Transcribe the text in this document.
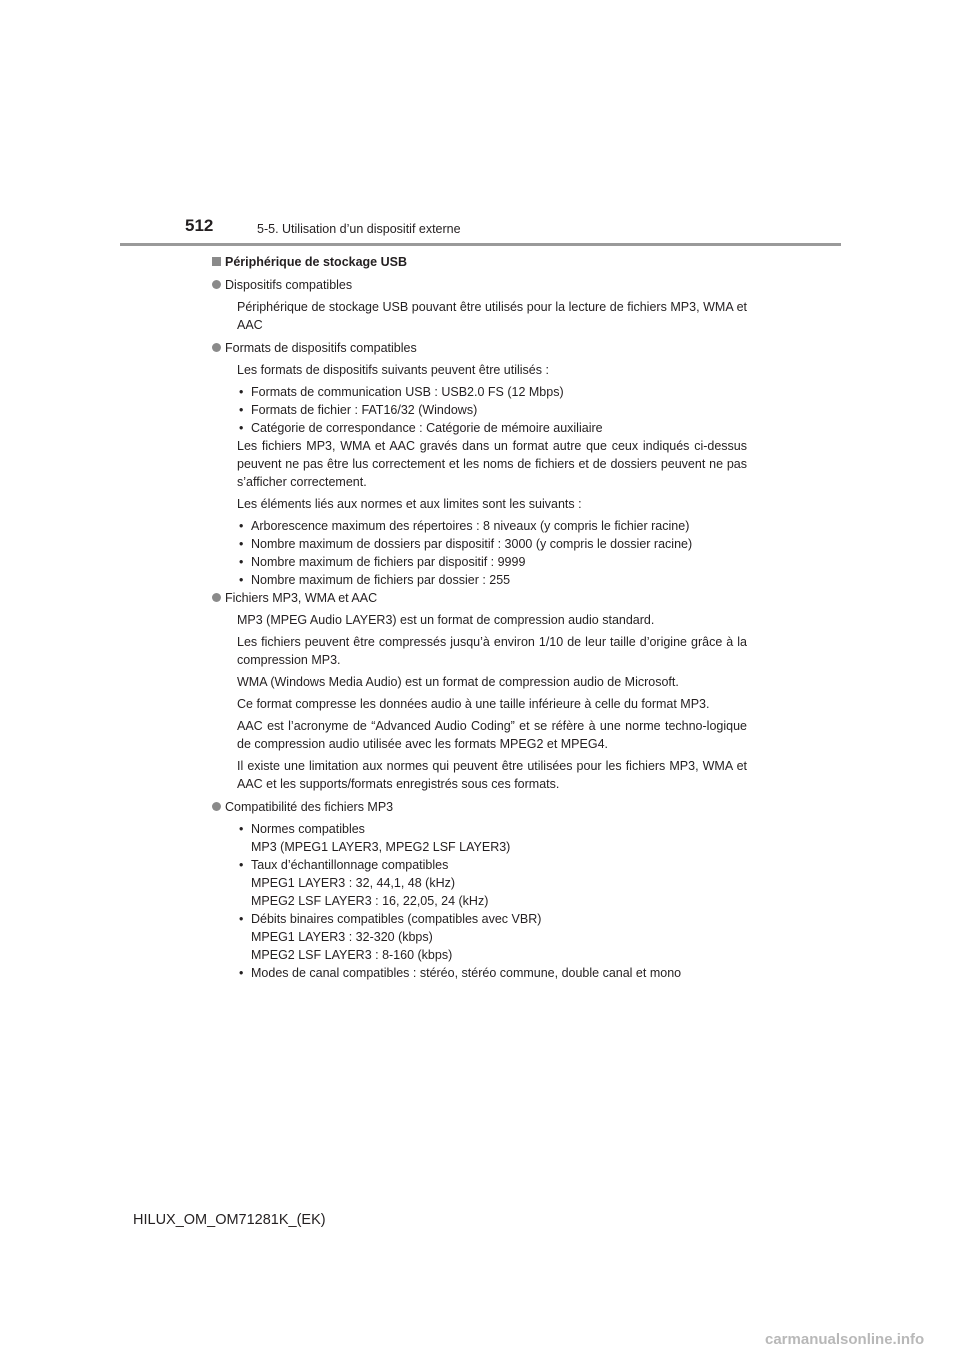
512	5-5. Utilisation d’un dispositif externe
Périphérique de stockage USB
Dispositifs compatibles
Périphérique de stockage USB pouvant être utilisés pour la lecture de fichiers MP3, WMA et AAC
Formats de dispositifs compatibles
Les formats de dispositifs suivants peuvent être utilisés :
• Formats de communication USB : USB2.0 FS (12 Mbps)
• Formats de fichier : FAT16/32 (Windows)
• Catégorie de correspondance : Catégorie de mémoire auxiliaire
Les fichiers MP3, WMA et AAC gravés dans un format autre que ceux indiqués ci-dessus peuvent ne pas être lus correctement et les noms de fichiers et de dossiers peuvent ne pas s’afficher correctement.
Les éléments liés aux normes et aux limites sont les suivants :
• Arborescence maximum des répertoires : 8 niveaux (y compris le fichier racine)
• Nombre maximum de dossiers par dispositif : 3000 (y compris le dossier racine)
• Nombre maximum de fichiers par dispositif : 9999
• Nombre maximum de fichiers par dossier : 255
Fichiers MP3, WMA et AAC
MP3 (MPEG Audio LAYER3) est un format de compression audio standard.
Les fichiers peuvent être compressés jusqu’à environ 1/10 de leur taille d’origine grâce à la compression MP3.
WMA (Windows Media Audio) est un format de compression audio de Microsoft.
Ce format compresse les données audio à une taille inférieure à celle du format MP3.
AAC est l’acronyme de “Advanced Audio Coding” et se réfère à une norme techno-logique de compression audio utilisée avec les formats MPEG2 et MPEG4.
Il existe une limitation aux normes qui peuvent être utilisées pour les fichiers MP3, WMA et AAC et les supports/formats enregistrés sous ces formats.
Compatibilité des fichiers MP3
• Normes compatibles
MP3 (MPEG1 LAYER3, MPEG2 LSF LAYER3)
• Taux d’échantillonnage compatibles
MPEG1 LAYER3 : 32, 44,1, 48 (kHz)
MPEG2 LSF LAYER3 : 16, 22,05, 24 (kHz)
• Débits binaires compatibles (compatibles avec VBR)
MPEG1 LAYER3 : 32-320 (kbps)
MPEG2 LSF LAYER3 : 8-160 (kbps)
• Modes de canal compatibles : stéréo, stéréo commune, double canal et mono
HILUX_OM_OM71281K_(EK)
carmanualsonline.info
